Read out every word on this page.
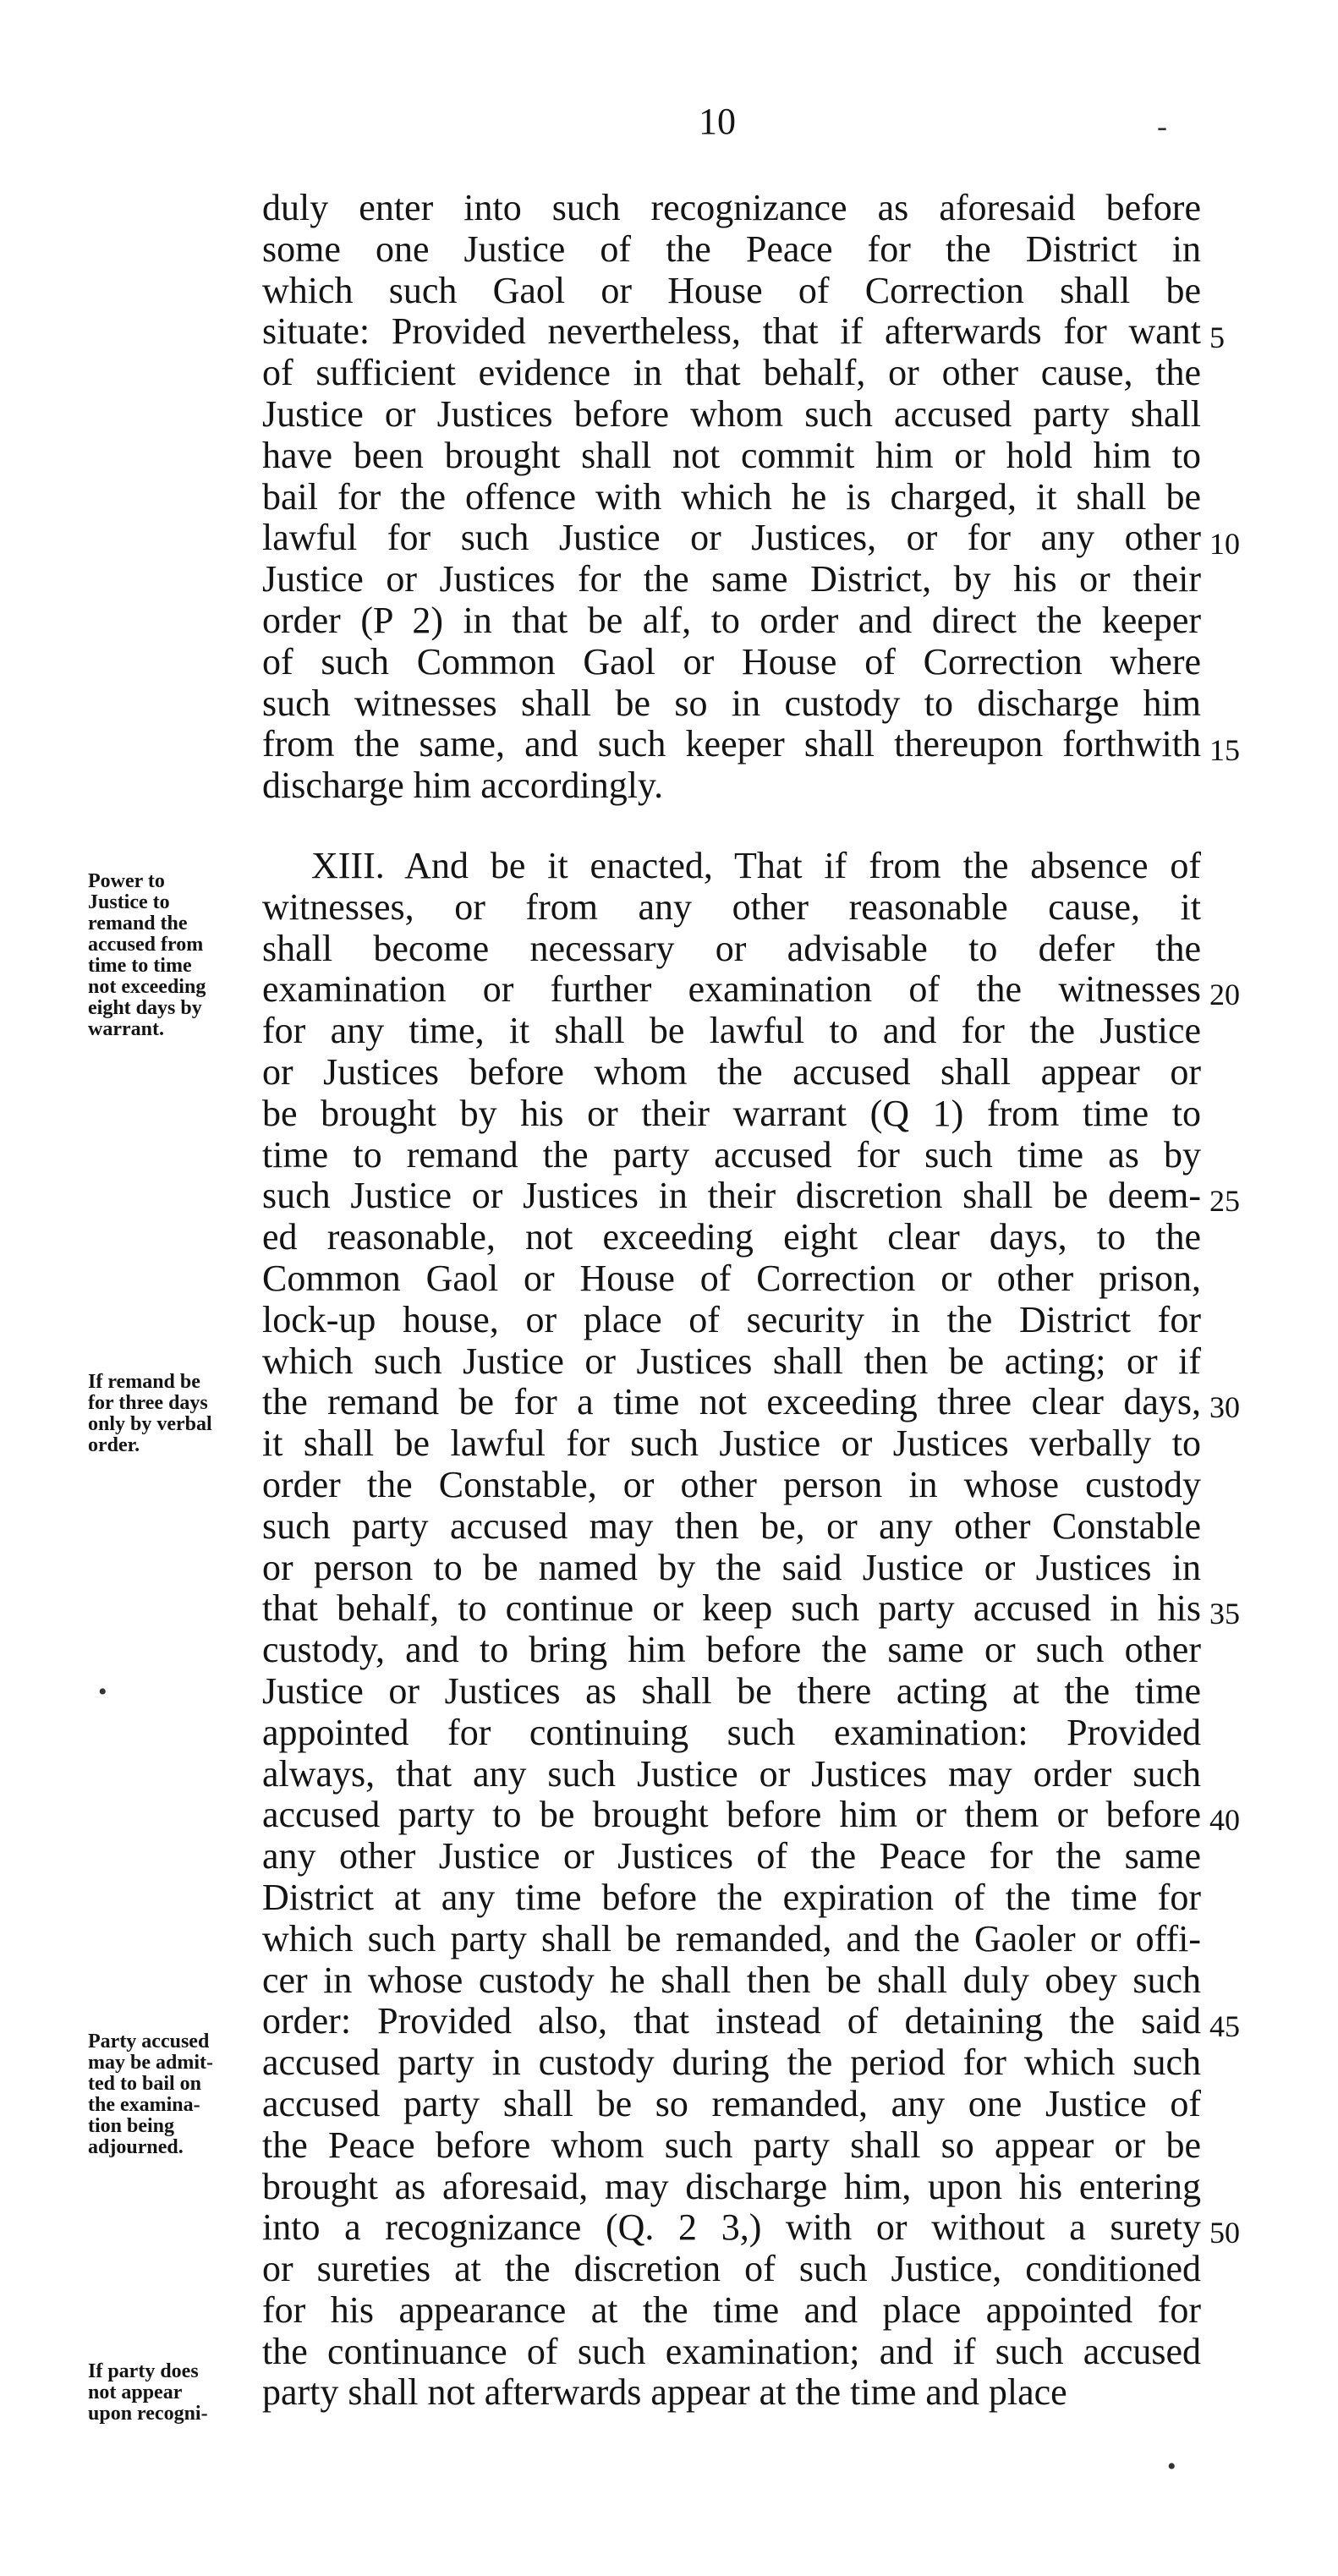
10
duly enter into such recognizance as aforesaid before
some one Justice of the Peace for the District in
which such Gaol or House of Correction shall be
situate: Provided nevertheless, that if afterwards for want
of sufficient evidence in that behalf, or other cause, the
Justice or Justices before whom such accused party shall
have been brought shall not commit him or hold him to
bail for the offence with which he is charged, it shall be
lawful for such Justice or Justices, or for any other
Justice or Justices for the same District, by his or their
order (P 2) in that be alf, to order and direct the keeper
of such Common Gaol or House of Correction where
such witnesses shall be so in custody to discharge him
from the same, and such keeper shall thereupon forthwith
discharge him accordingly.
XIII. And be it enacted, That if from the absence of
witnesses, or from any other reasonable cause, it
shall become necessary or advisable to defer the
examination or further examination of the witnesses
for any time, it shall be lawful to and for the Justice
or Justices before whom the accused shall appear or
be brought by his or their warrant (Q 1) from time to
time to remand the party accused for such time as by
such Justice or Justices in their discretion shall be deem-
ed reasonable, not exceeding eight clear days, to the
Common Gaol or House of Correction or other prison,
lock-up house, or place of security in the District for
which such Justice or Justices shall then be acting; or if
the remand be for a time not exceeding three clear days,
it shall be lawful for such Justice or Justices verbally to
order the Constable, or other person in whose custody
such party accused may then be, or any other Constable
or person to be named by the said Justice or Justices in
that behalf, to continue or keep such party accused in his
custody, and to bring him before the same or such other
Justice or Justices as shall be there acting at the time
appointed for continuing such examination: Provided
always, that any such Justice or Justices may order such
accused party to be brought before him or them or before
any other Justice or Justices of the Peace for the same
District at any time before the expiration of the time for
which such party shall be remanded, and the Gaoler or offi-
cer in whose custody he shall then be shall duly obey such
order: Provided also, that instead of detaining the said
accused party in custody during the period for which such
accused party shall be so remanded, any one Justice of
the Peace before whom such party shall so appear or be
brought as aforesaid, may discharge him, upon his entering
into a recognizance (Q. 2 3,) with or without a surety
or sureties at the discretion of such Justice, conditioned
for his appearance at the time and place appointed for
the continuance of such examination; and if such accused
party shall not afterwards appear at the time and place
5
10
15
20
25
30
35
40
45
50
Power to
Justice to
remand the
accused from
time to time
not exceeding
eight days by
warrant.
If remand be
for three days
only by verbal
order.
Party accused
may be admit-
ted to bail on
the examina-
tion being
adjourned.
If party does
not appear
upon recogni-
-
•
•
